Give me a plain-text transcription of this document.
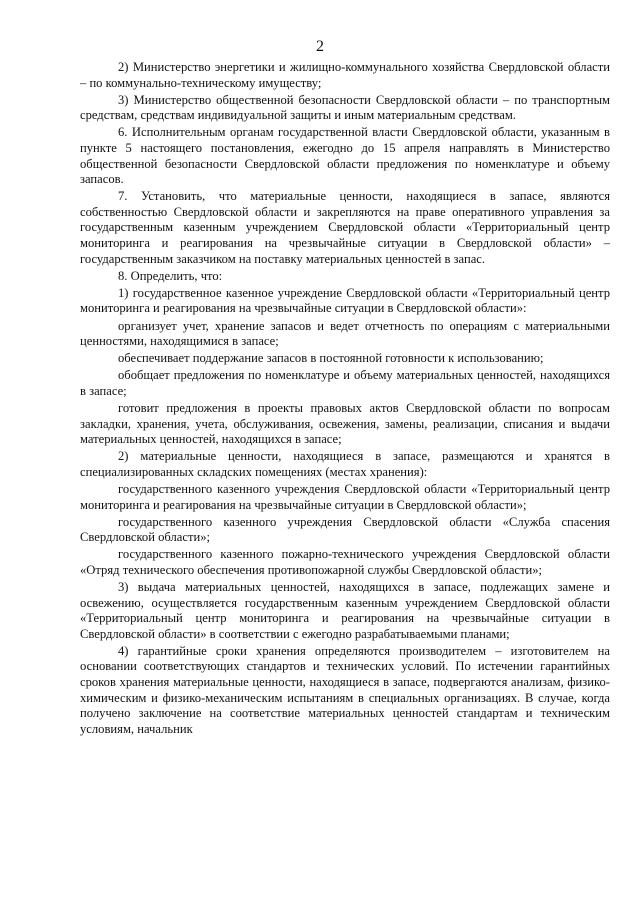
2

2) Министерство энергетики и жилищно-коммунального хозяйства Свердловской области – по коммунально-техническому имуществу;

3) Министерство общественной безопасности Свердловской области – по транспортным средствам, средствам индивидуальной защиты и иным материальным средствам.

6. Исполнительным органам государственной власти Свердловской области, указанным в пункте 5 настоящего постановления, ежегодно до 15 апреля направлять в Министерство общественной безопасности Свердловской области предложения по номенклатуре и объему запасов.

7. Установить, что материальные ценности, находящиеся в запасе, являются собственностью Свердловской области и закрепляются на праве оперативного управления за государственным казенным учреждением Свердловской области «Территориальный центр мониторинга и реагирования на чрезвычайные ситуации в Свердловской области» – государственным заказчиком на поставку материальных ценностей в запас.

8. Определить, что:

1) государственное казенное учреждение Свердловской области «Территориальный центр мониторинга и реагирования на чрезвычайные ситуации в Свердловской области»:

организует учет, хранение запасов и ведет отчетность по операциям с материальными ценностями, находящимися в запасе;

обеспечивает поддержание запасов в постоянной готовности к использованию;

обобщает предложения по номенклатуре и объему материальных ценностей, находящихся в запасе;

готовит предложения в проекты правовых актов Свердловской области по вопросам закладки, хранения, учета, обслуживания, освежения, замены, реализации, списания и выдачи материальных ценностей, находящихся в запасе;

2) материальные ценности, находящиеся в запасе, размещаются и хранятся в специализированных складских помещениях (местах хранения):

государственного казенного учреждения Свердловской области «Территориальный центр мониторинга и реагирования на чрезвычайные ситуации в Свердловской области»;

государственного казенного учреждения Свердловской области «Служба спасения Свердловской области»;

государственного казенного пожарно-технического учреждения Свердловской области «Отряд технического обеспечения противопожарной службы Свердловской области»;

3) выдача материальных ценностей, находящихся в запасе, подлежащих замене и освежению, осуществляется государственным казенным учреждением Свердловской области «Территориальный центр мониторинга и реагирования на чрезвычайные ситуации в Свердловской области» в соответствии с ежегодно разрабатываемыми планами;

4) гарантийные сроки хранения определяются производителем – изготовителем на основании соответствующих стандартов и технических условий. По истечении гарантийных сроков хранения материальные ценности, находящиеся в запасе, подвергаются анализам, физико-химическим и физико-механическим испытаниям в специальных организациях. В случае, когда получено заключение на соответствие материальных ценностей стандартам и техническим условиям, начальник
